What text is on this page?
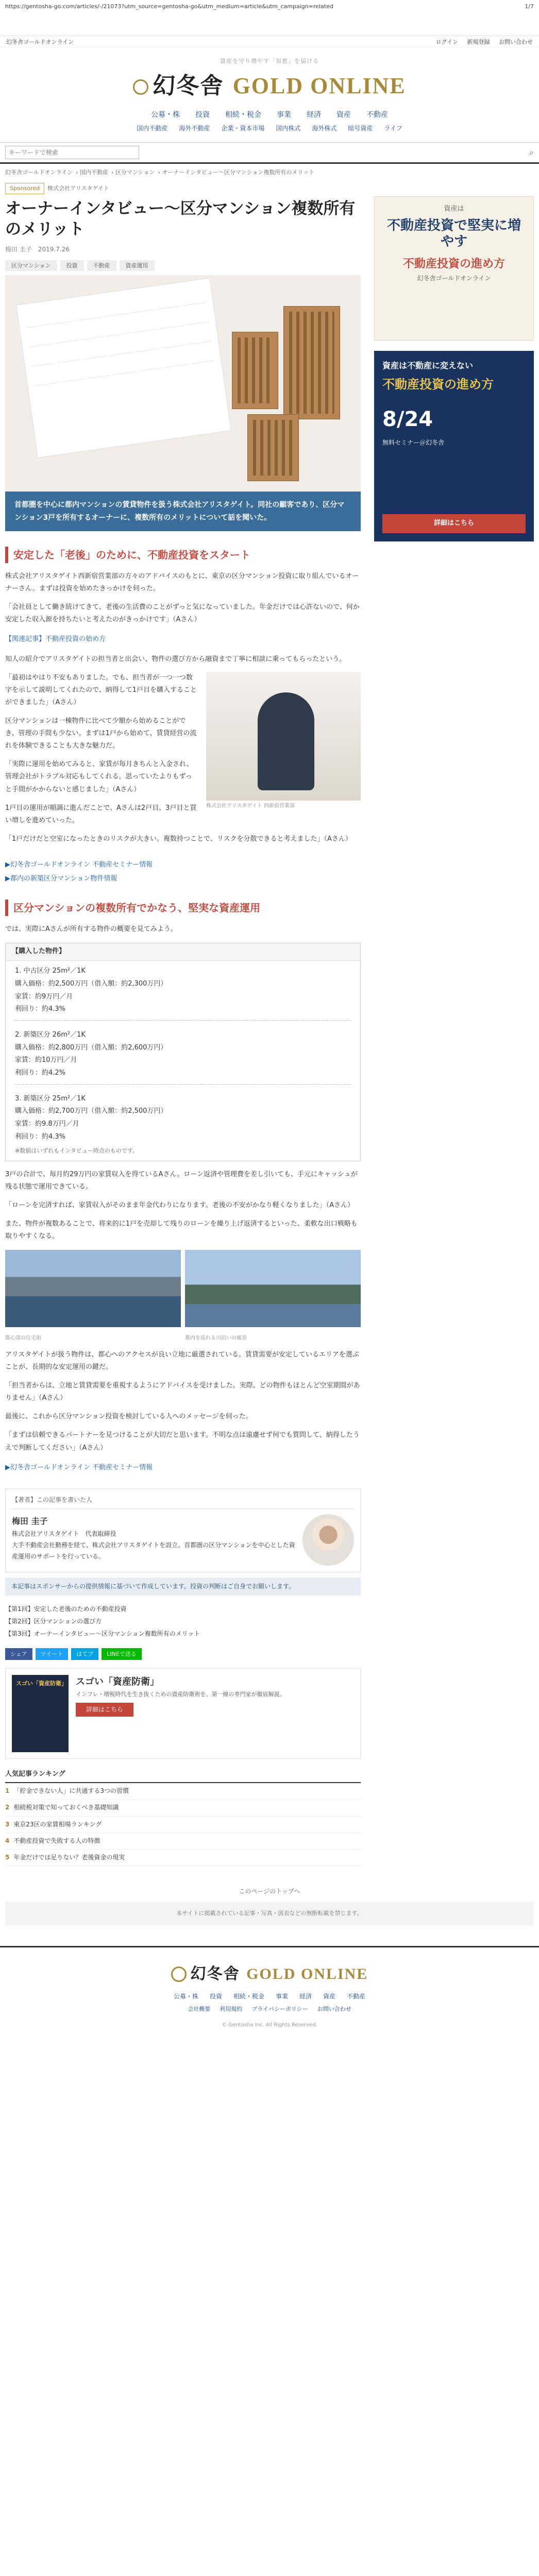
1/7
https://gentosha-go.com/articles/-/21073?utm_source=gentosha-go&utm_medium=article&utm_campaign=related
幻冬舎ゴールドオンライン	ログイン 新規登録 お問い合わせ
資産を守り増やす「知恵」を届ける
幻冬舎 GOLD ONLINE
公募・株 投資 相続・税金 事業 経済 資産 不動産
国内不動産 海外不動産 企業・資本市場 国内株式 海外株式 暗号資産 ライフ
キーワードで検索
⌕
幻冬舎ゴールドオンライン › 国内不動産 › 区分マンション › オーナーインタビュー〜区分マンション複数所有のメリット
Sponsored 株式会社アリスタゲイト
オーナーインタビュー〜区分マンション複数所有のメリット
梅田 圭子　2019.7.26
区分マンション	投資	不動産	資産運用
首都圏を中心に都内マンションの賃貸物件を扱う株式会社アリスタゲイト。同社の顧客であり、区分マンション3戸を所有するオーナーに、複数所有のメリットについて話を聞いた。
安定した「老後」のために、不動産投資をスタート

株式会社アリスタゲイト西新宿営業部の方々のアドバイスのもとに、東京の区分マンション投資に取り組んでいるオーナーさん。まずは投資を始めたきっかけを伺った。

「会社員として働き続けてきて、老後の生活費のことがずっと気になっていました。年金だけでは心許ないので、何か安定した収入源を持ちたいと考えたのがきっかけです」（Aさん）

【関連記事】不動産投資の始め方

知人の紹介でアリスタゲイトの担当者と出会い、物件の選び方から融資まで丁寧に相談に乗ってもらったという。

株式会社アリスタゲイト 西新宿営業部

「最初はやはり不安もありました。でも、担当者が一つ一つ数字を示して説明してくれたので、納得して1戸目を購入することができました」（Aさん）

区分マンションは一棟物件に比べて少額から始めることができ、管理の手間も少ない。まずは1戸から始めて、賃貸経営の流れを体験できることも大きな魅力だ。

「実際に運用を始めてみると、家賃が毎月きちんと入金され、管理会社がトラブル対応もしてくれる。思っていたよりもずっと手間がかからないと感じました」（Aさん）

1戸目の運用が順調に進んだことで、Aさんは2戸目、3戸目と買い増しを進めていった。

「1戸だけだと空室になったときのリスクが大きい。複数持つことで、リスクを分散できると考えました」（Aさん）

▶︎幻冬舎ゴールドオンライン 不動産セミナー情報

▶︎都内の新築区分マンション物件情報

区分マンションの複数所有でかなう、堅実な資産運用

では、実際にAさんが所有する物件の概要を見てみよう。

【購入した物件】
1. 中古区分 25m²／1K
購入価格：約2,500万円（借入額：約2,300万円）
家賃：約9万円／月
利回り：約4.3%
2. 新築区分 26m²／1K
購入価格：約2,800万円（借入額：約2,600万円）
家賃：約10万円／月
利回り：約4.2%
3. 新築区分 25m²／1K
購入価格：約2,700万円（借入額：約2,500万円）
家賃：約9.8万円／月
利回り：約4.3%
※数値はいずれもインタビュー時点のものです。

3戸の合計で、毎月約29万円の家賃収入を得ているAさん。ローン返済や管理費を差し引いても、手元にキャッシュが残る状態で運用できている。

「ローンを完済すれば、家賃収入がそのまま年金代わりになります。老後の不安がかなり軽くなりました」（Aさん）

また、物件が複数あることで、将来的に1戸を売却して残りのローンを繰り上げ返済するといった、柔軟な出口戦略も取りやすくなる。

都心部の住宅街	都内を流れる川沿いの風景

アリスタゲイトが扱う物件は、都心へのアクセスが良い立地に厳選されている。賃貸需要が安定しているエリアを選ぶことが、長期的な安定運用の鍵だ。

「担当者からは、立地と賃貸需要を重視するようにアドバイスを受けました。実際、どの物件もほとんど空室期間がありません」（Aさん）

最後に、これから区分マンション投資を検討している人へのメッセージを伺った。

「まずは信頼できるパートナーを見つけることが大切だと思います。不明な点は遠慮せず何でも質問して、納得したうえで判断してください」（Aさん）

▶︎幻冬舎ゴールドオンライン 不動産セミナー情報

【著者】この記事を書いた人
梅田 圭子
株式会社アリスタゲイト　代表取締役
大手不動産会社勤務を経て、株式会社アリスタゲイトを設立。首都圏の区分マンションを中心とした資産運用のサポートを行っている。
本記事はスポンサーからの提供情報に基づいて作成しています。投資の判断はご自身でお願いします。
【第1回】安定した老後のための不動産投資
【第2回】区分マンションの選び方
【第3回】オーナーインタビュー〜区分マンション複数所有のメリット
シェア	ツイート	はてブ	LINEで送る
スゴい「資産防衛」 スゴい「資産防衛」
インフレ・増税時代を生き抜くための資産防衛術を、第一線の専門家が徹底解説。
詳細はこちら
人気記事ランキング
1 「貯金できない人」に共通する3つの習慣
2 相続税対策で知っておくべき基礎知識
3 東京23区の家賃相場ランキング
4 不動産投資で失敗する人の特徴
5 年金だけでは足りない？老後資金の現実
資産は
不動産投資で堅実に増やす
不動産投資の進め方
幻冬舎ゴールドオンライン
資産は不動産に変えない
不動産投資の進め方
8/24
無料セミナー＠幻冬舎
詳細はこちら
このページのトップへ
本サイトに掲載されている記事・写真・図表などの無断転載を禁じます。
幻冬舎 GOLD ONLINE
公募・株 投資 相続・税金 事業 経済 資産 不動産
会社概要 利用規約 プライバシーポリシー お問い合わせ
© Gentosha Inc. All Rights Reserved.
